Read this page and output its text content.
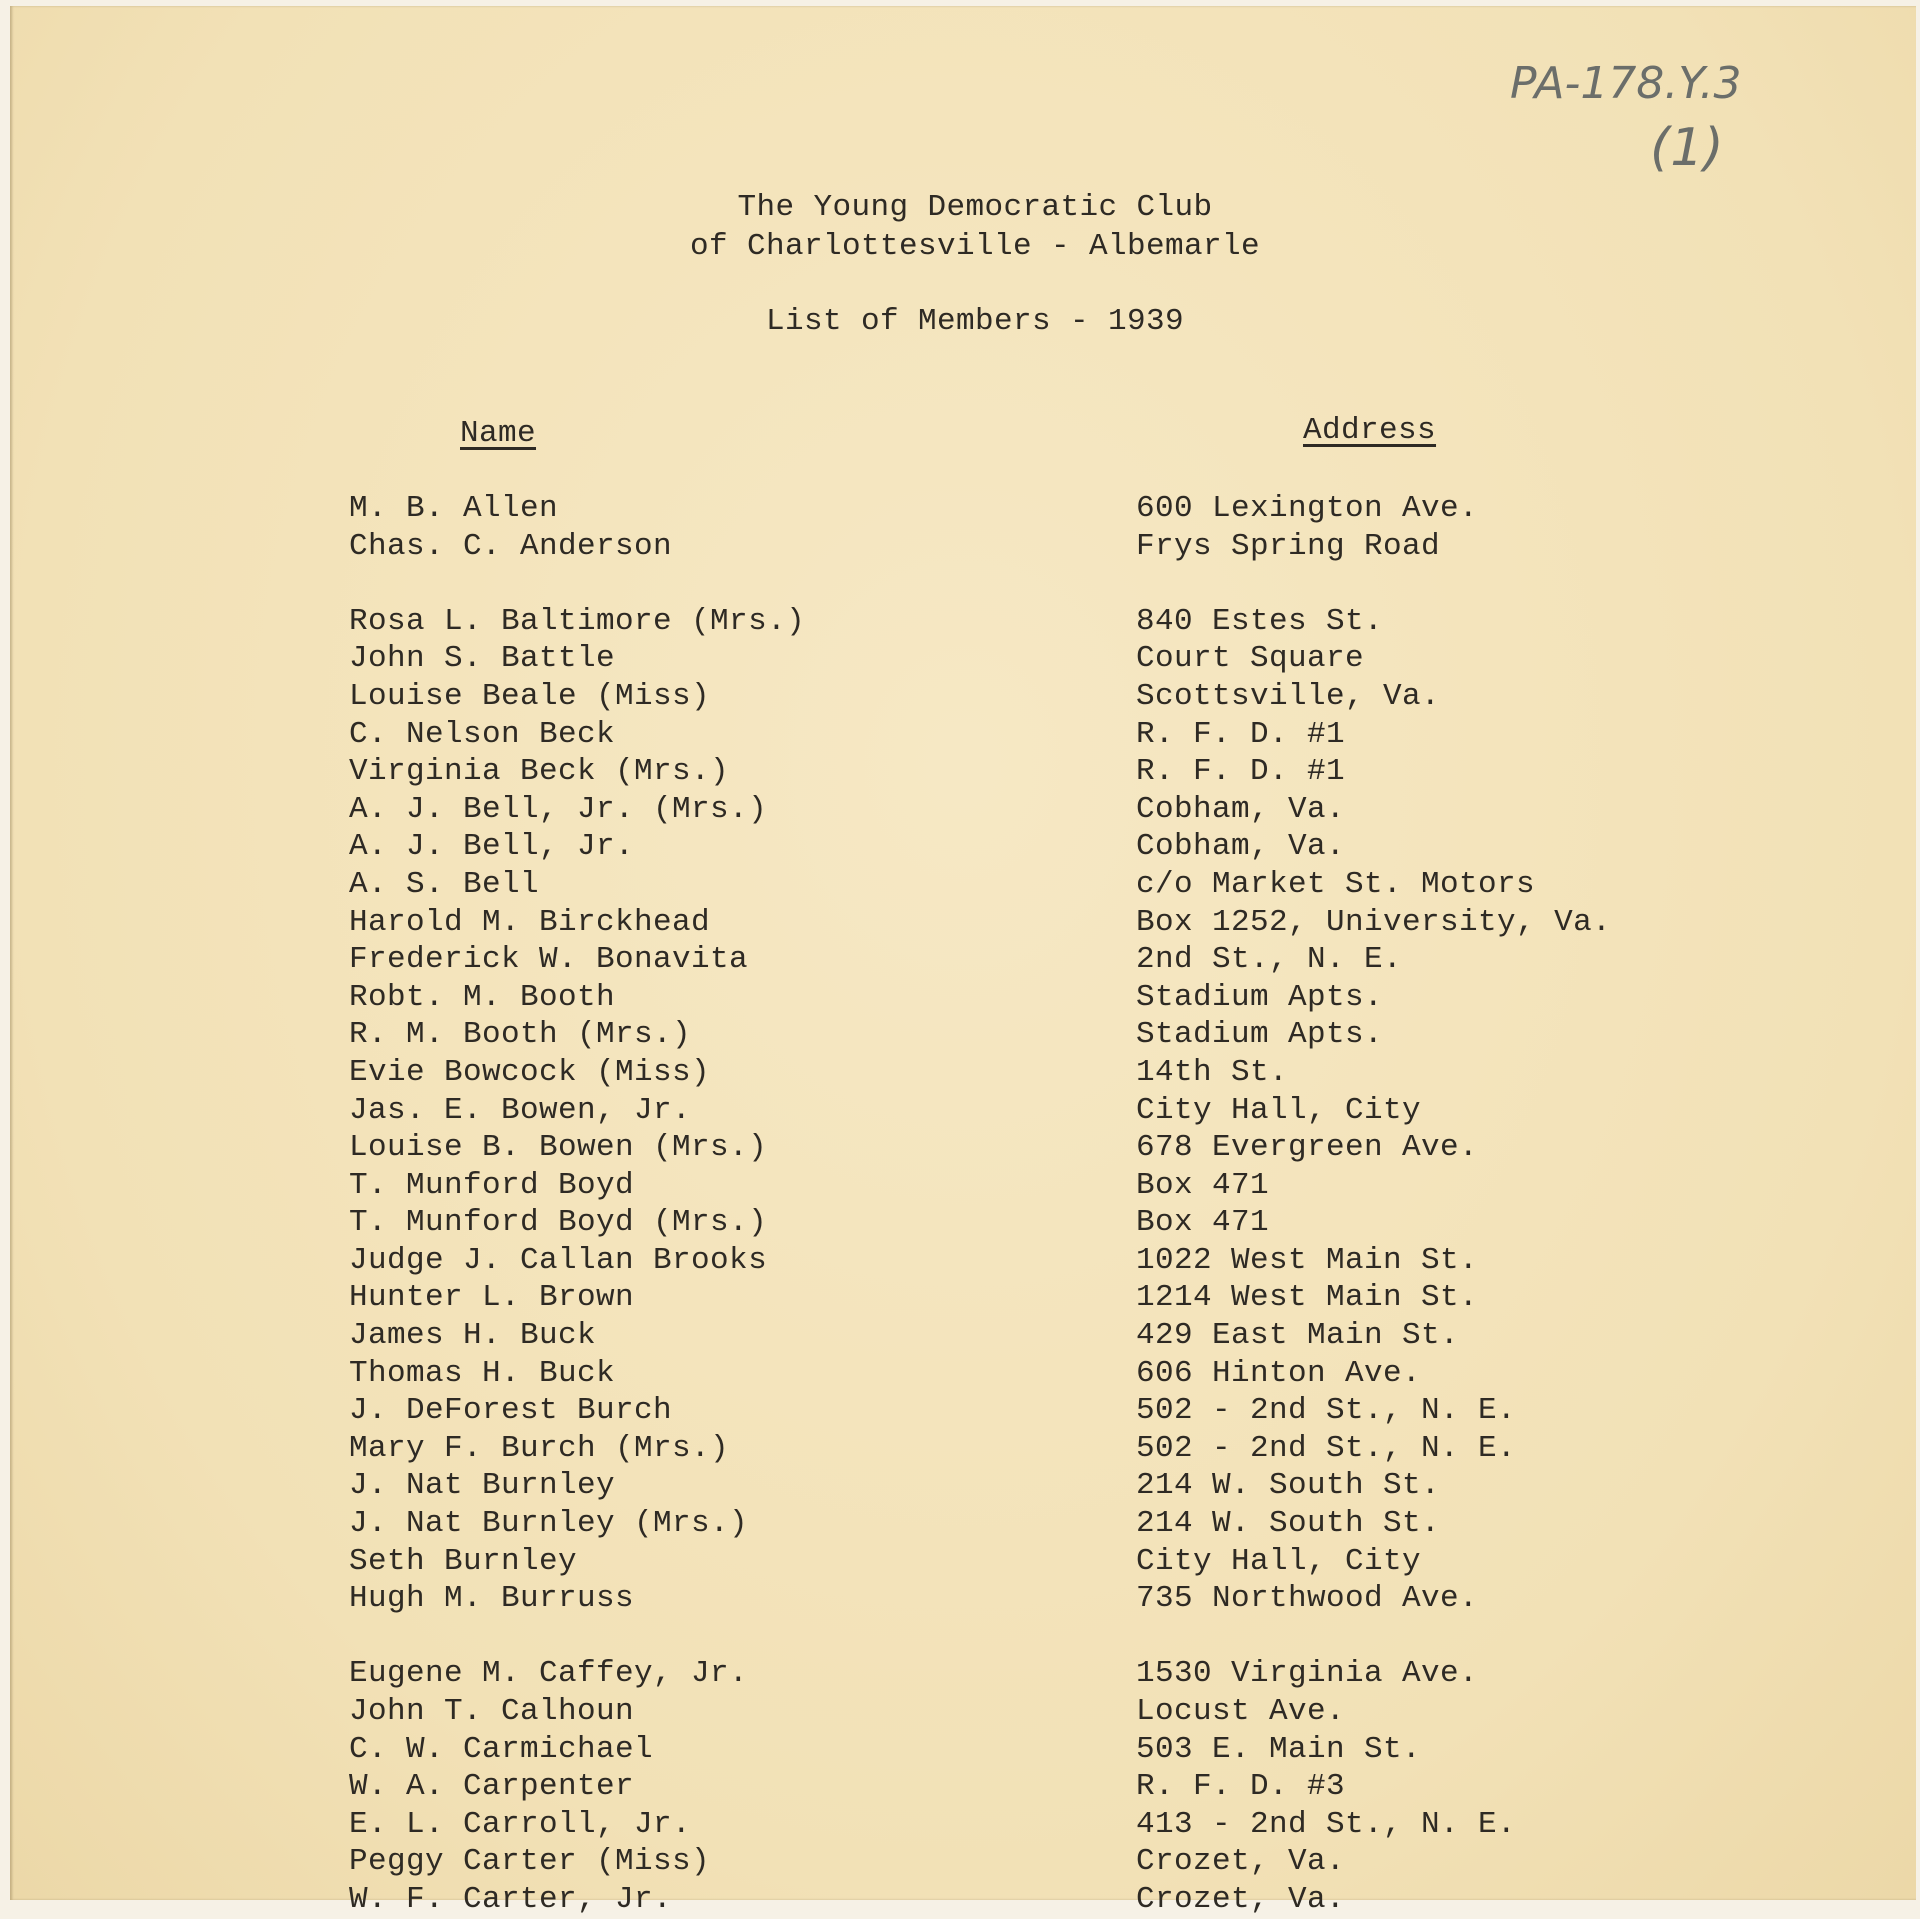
PA-178.Y.3
(1)
The Young Democratic Club
of Charlottesville - Albemarle
List of Members - 1939
Name	Address
M. B. Allen	600 Lexington Ave.
Chas. C. Anderson	Frys Spring Road
Rosa L. Baltimore (Mrs.)	840 Estes St.
John S. Battle	Court Square
Louise Beale (Miss)	Scottsville, Va.
C. Nelson Beck	R. F. D. #1
Virginia Beck (Mrs.)	R. F. D. #1
A. J. Bell, Jr. (Mrs.)	Cobham, Va.
A. J. Bell, Jr.	Cobham, Va.
A. S. Bell	c/o Market St. Motors
Harold M. Birckhead	Box 1252, University, Va.
Frederick W. Bonavita	2nd St., N. E.
Robt. M. Booth	Stadium Apts.
R. M. Booth (Mrs.)	Stadium Apts.
Evie Bowcock (Miss)	14th St.
Jas. E. Bowen, Jr.	City Hall, City
Louise B. Bowen (Mrs.)	678 Evergreen Ave.
T. Munford Boyd	Box 471
T. Munford Boyd (Mrs.)	Box 471
Judge J. Callan Brooks	1022 West Main St.
Hunter L. Brown	1214 West Main St.
James H. Buck	429 East Main St.
Thomas H. Buck	606 Hinton Ave.
J. DeForest Burch	502 - 2nd St., N. E.
Mary F. Burch (Mrs.)	502 - 2nd St., N. E.
J. Nat Burnley	214 W. South St.
J. Nat Burnley (Mrs.)	214 W. South St.
Seth Burnley	City Hall, City
Hugh M. Burruss	735 Northwood Ave.
Eugene M. Caffey, Jr.	1530 Virginia Ave.
John T. Calhoun	Locust Ave.
C. W. Carmichael	503 E. Main St.
W. A. Carpenter	R. F. D. #3
E. L. Carroll, Jr.	413 - 2nd St., N. E.
Peggy Carter (Miss)	Crozet, Va.
W. F. Carter, Jr.	Crozet, Va.
